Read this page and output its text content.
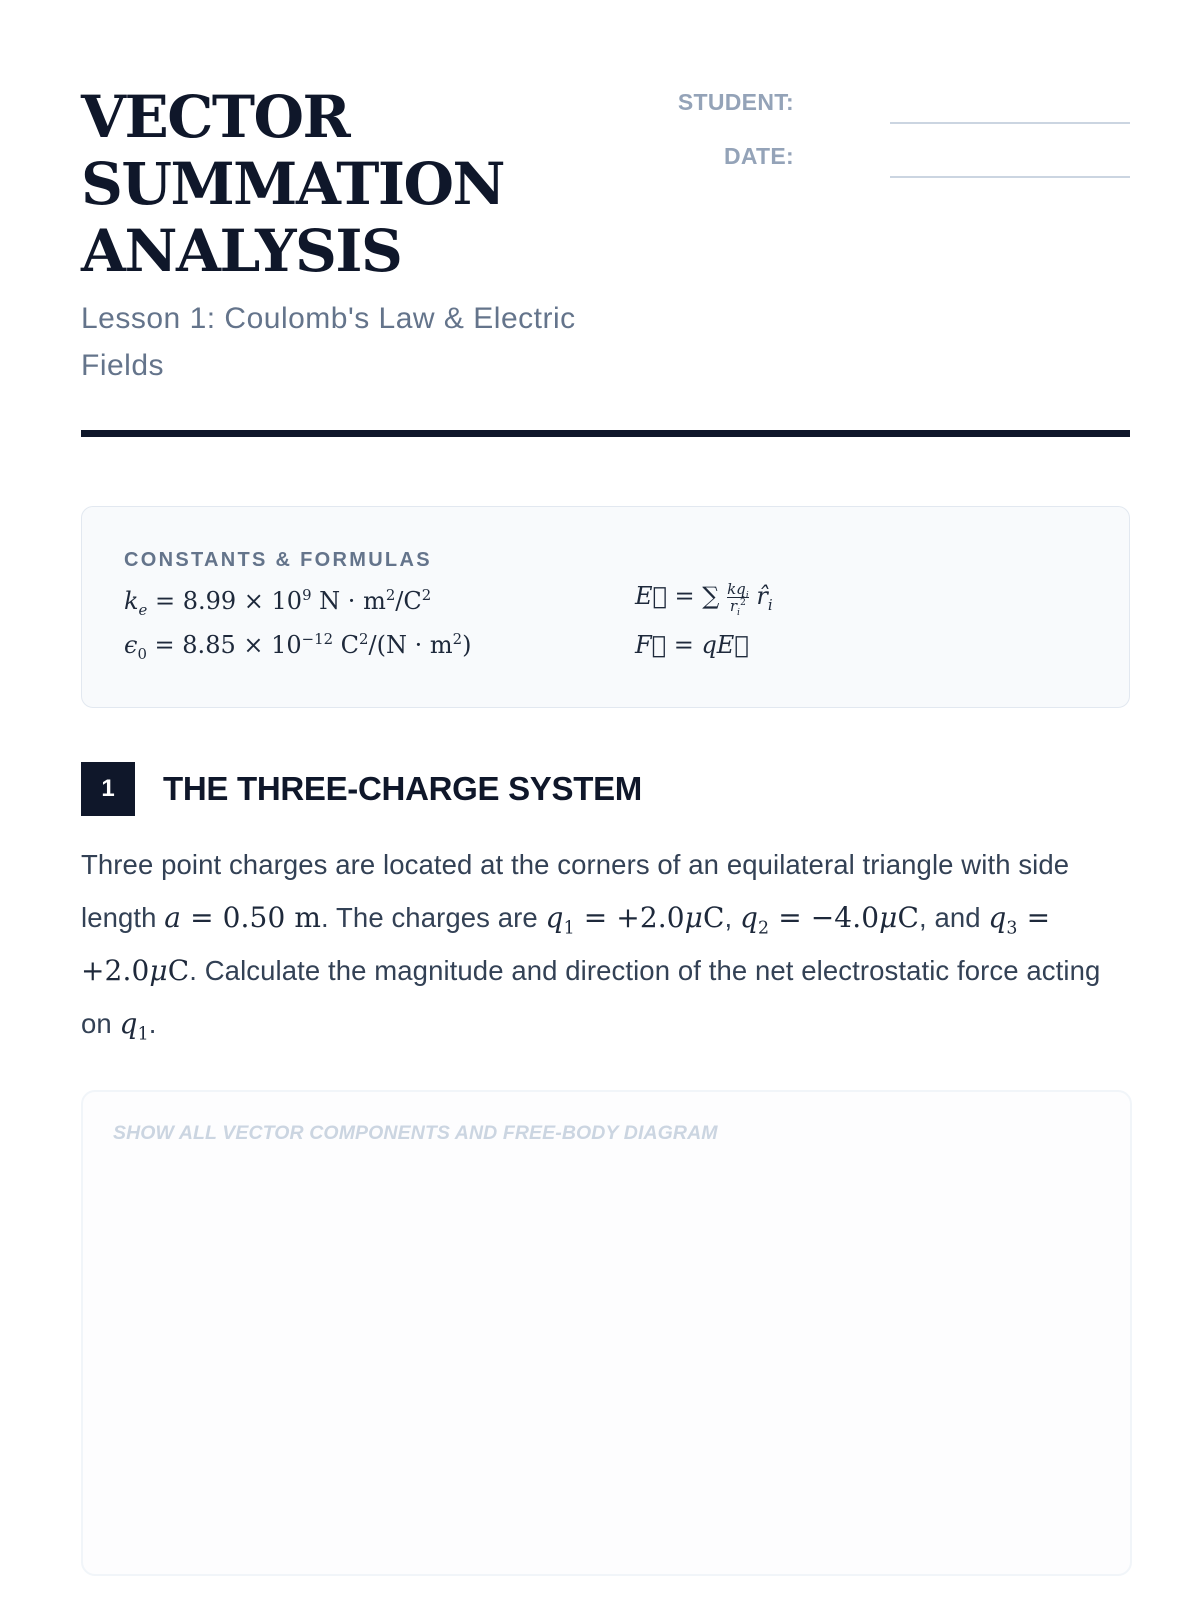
VECTOR
SUMMATION
ANALYSIS

Lesson 1: Coulomb's Law & Electric Fields

STUDENT:
DATE:
CONSTANTS & FORMULAS
$k_e = 8.99 \times 10^9$ $N \cdot m^2/C^2$
$\epsilon_0 = 8.85 \times 10^{-12}$ $C^2/(N \cdot m^2)$
E⃗ = ∑ $kq_i$
$r_i^2$ $r̂_i$
F⃗ = qE⃗
1	THE THREE-CHARGE SYSTEM

Three point charges are located at the corners of an equilateral triangle with side length a = 0.50 m. The charges are $q_1 = +2.0\mu C$, $q_2 = -4.0\mu C$, and $q_3 = +2.0\mu C$. Calculate the magnitude and direction of the net electrostatic force acting on $q_1$.

SHOW ALL VECTOR COMPONENTS AND FREE-BODY DIAGRAM
